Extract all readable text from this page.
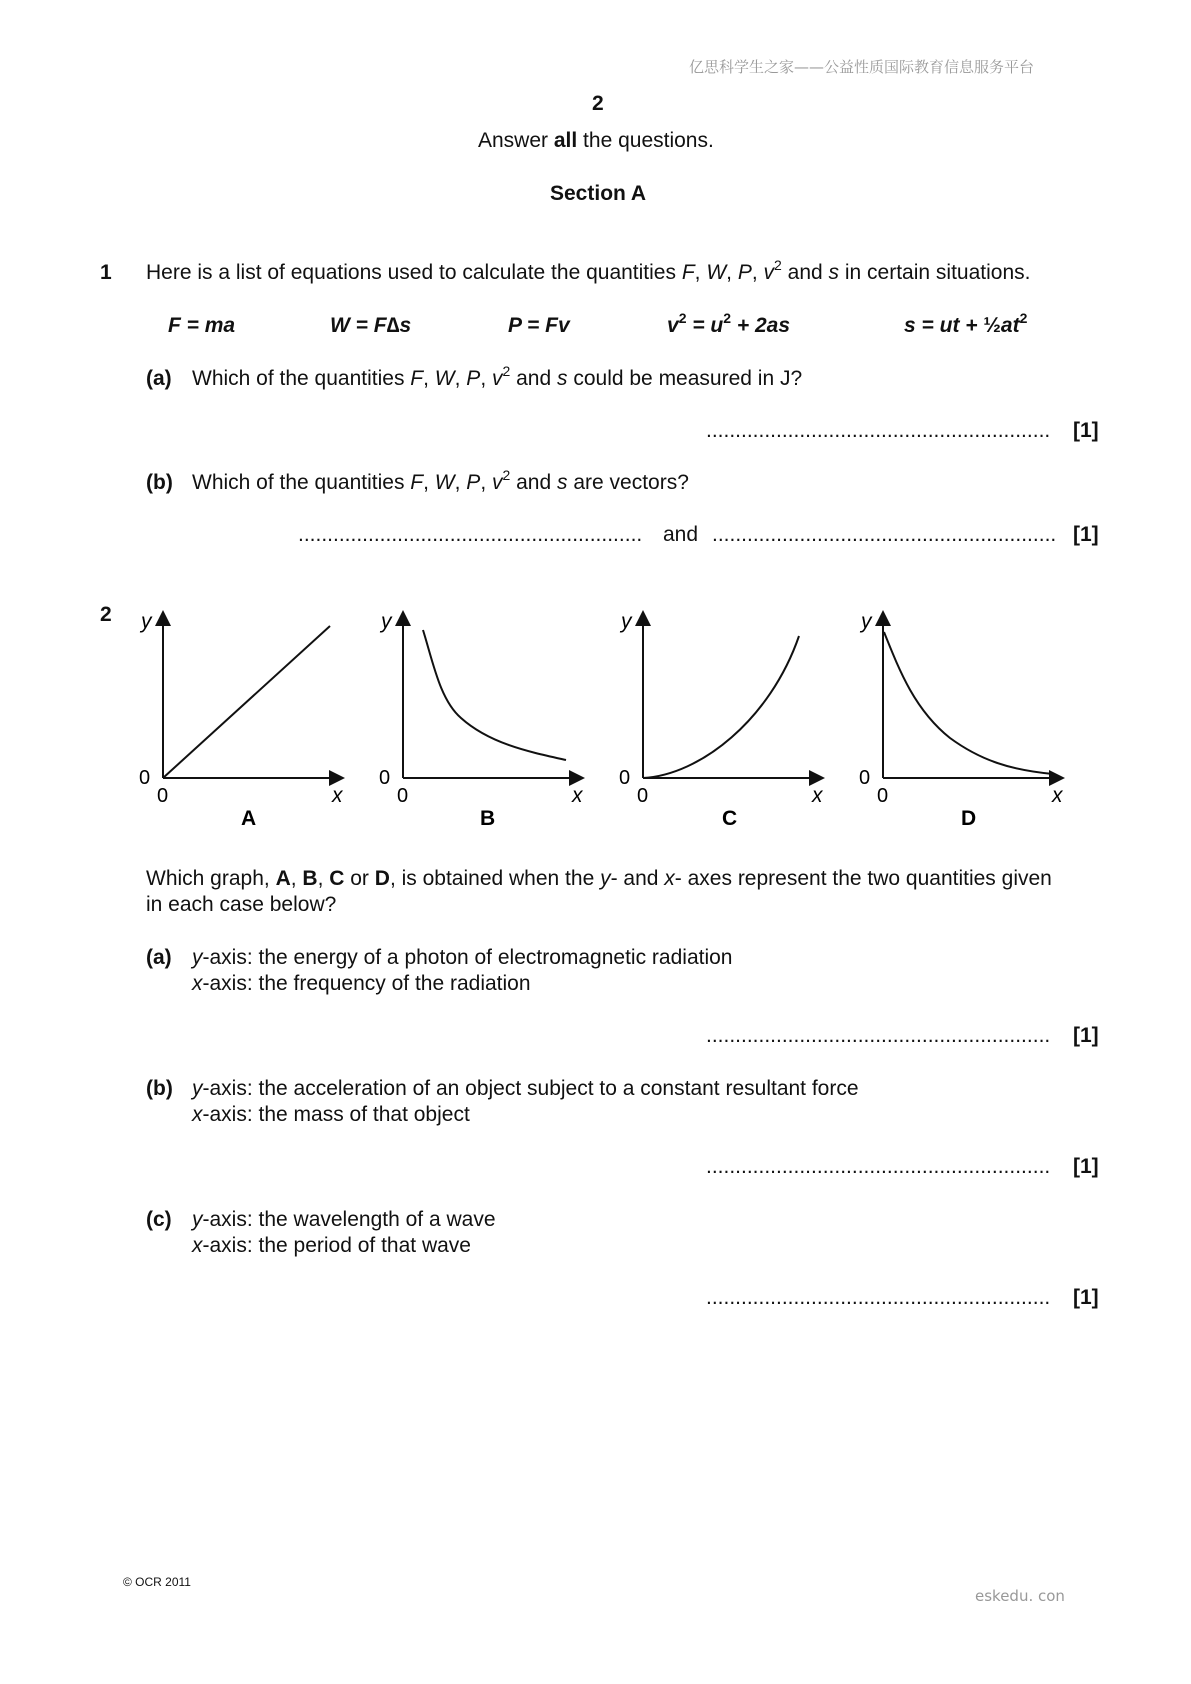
亿思科学生之家——公益性质国际教育信息服务平台
2
Answer all the questions.
Section A
1 Here is a list of equations used to calculate the quantities F, W, P, $v^2$ and s in certain situations.
F = ma	W = F∆s	P = Fv	$v^2 = u^2 + 2as$	s = ut + $\frac{1}{2}at^2$
(a) Which of the quantities F, W, P, $v^2$ and s could be measured in J?
........................................................... [1]
(b) Which of the quantities F, W, P, $v^2$ and s are vectors?
........................................................... and ........................................................... [1]
2 y
0
0	x
A
y
0
0	x
B
y
0
0	x
C
y
0
0	x
D
Which graph, A, B, C or D, is obtained when the y- and x- axes represent the two quantities given
in each case below?
(a) y-axis: the energy of a photon of electromagnetic radiation
x-axis: the frequency of the radiation
........................................................... [1]
(b) y-axis: the acceleration of an object subject to a constant resultant force
x-axis: the mass of that object
........................................................... [1]
(c) y-axis: the wavelength of a wave
x-axis: the period of that wave
........................................................... [1]
© OCR 2011
eskedu. con
